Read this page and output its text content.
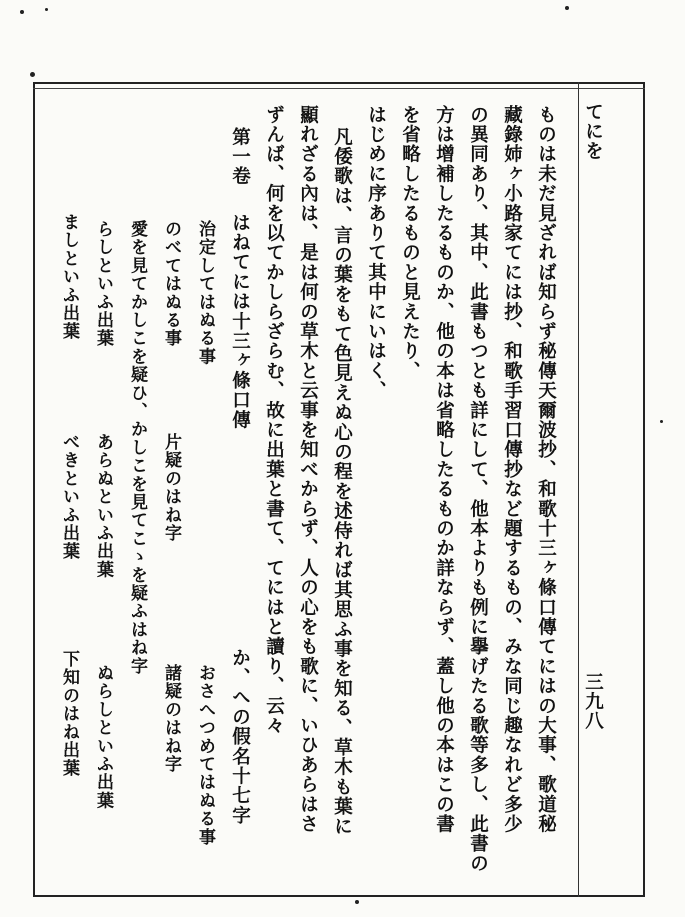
てにを
三九八
ものは未だ見ざれば知らず秘傳天爾波抄、和歌十三ヶ條口傳てにはの大事、歌道秘
藏錄姉ヶ小路家てには抄、和歌手習口傳抄など題するもの、みな同じ趣なれど多少
の異同あり、其中、此書もつとも詳にして、他本よりも例に擧げたる歌等多し、此書の
方は增補したるものか、他の本は省略したるものか詳ならず、蓋し他の本はこの書
を省略したるものと見えたり、
はじめに序ありて其中にいはく、
凡倭歌は、言の葉をもて色見えぬ心の程を述侍れば其思ふ事を知る、草木も葉に
顯れざる內は、是は何の草木と云事を知べからず、人の心をも歌に、いひあらはさ
ずんば、何を以てかしらざらむ、故に出葉と書て、てにはと讀り、云々
第一卷
はねてには十三ヶ條口傳
か、への假名十七字
治定してはぬる事
のべてはぬる事
愛を見てかしこを疑ひ、かしこを見てこゝを疑ふはね字
らしといふ出葉
ましといふ出葉
片疑のはね字
あらぬといふ出葉
べきといふ出葉
おさへつめてはぬる事
諸疑のはね字
ぬらしといふ出葉
下知のはね出葉
